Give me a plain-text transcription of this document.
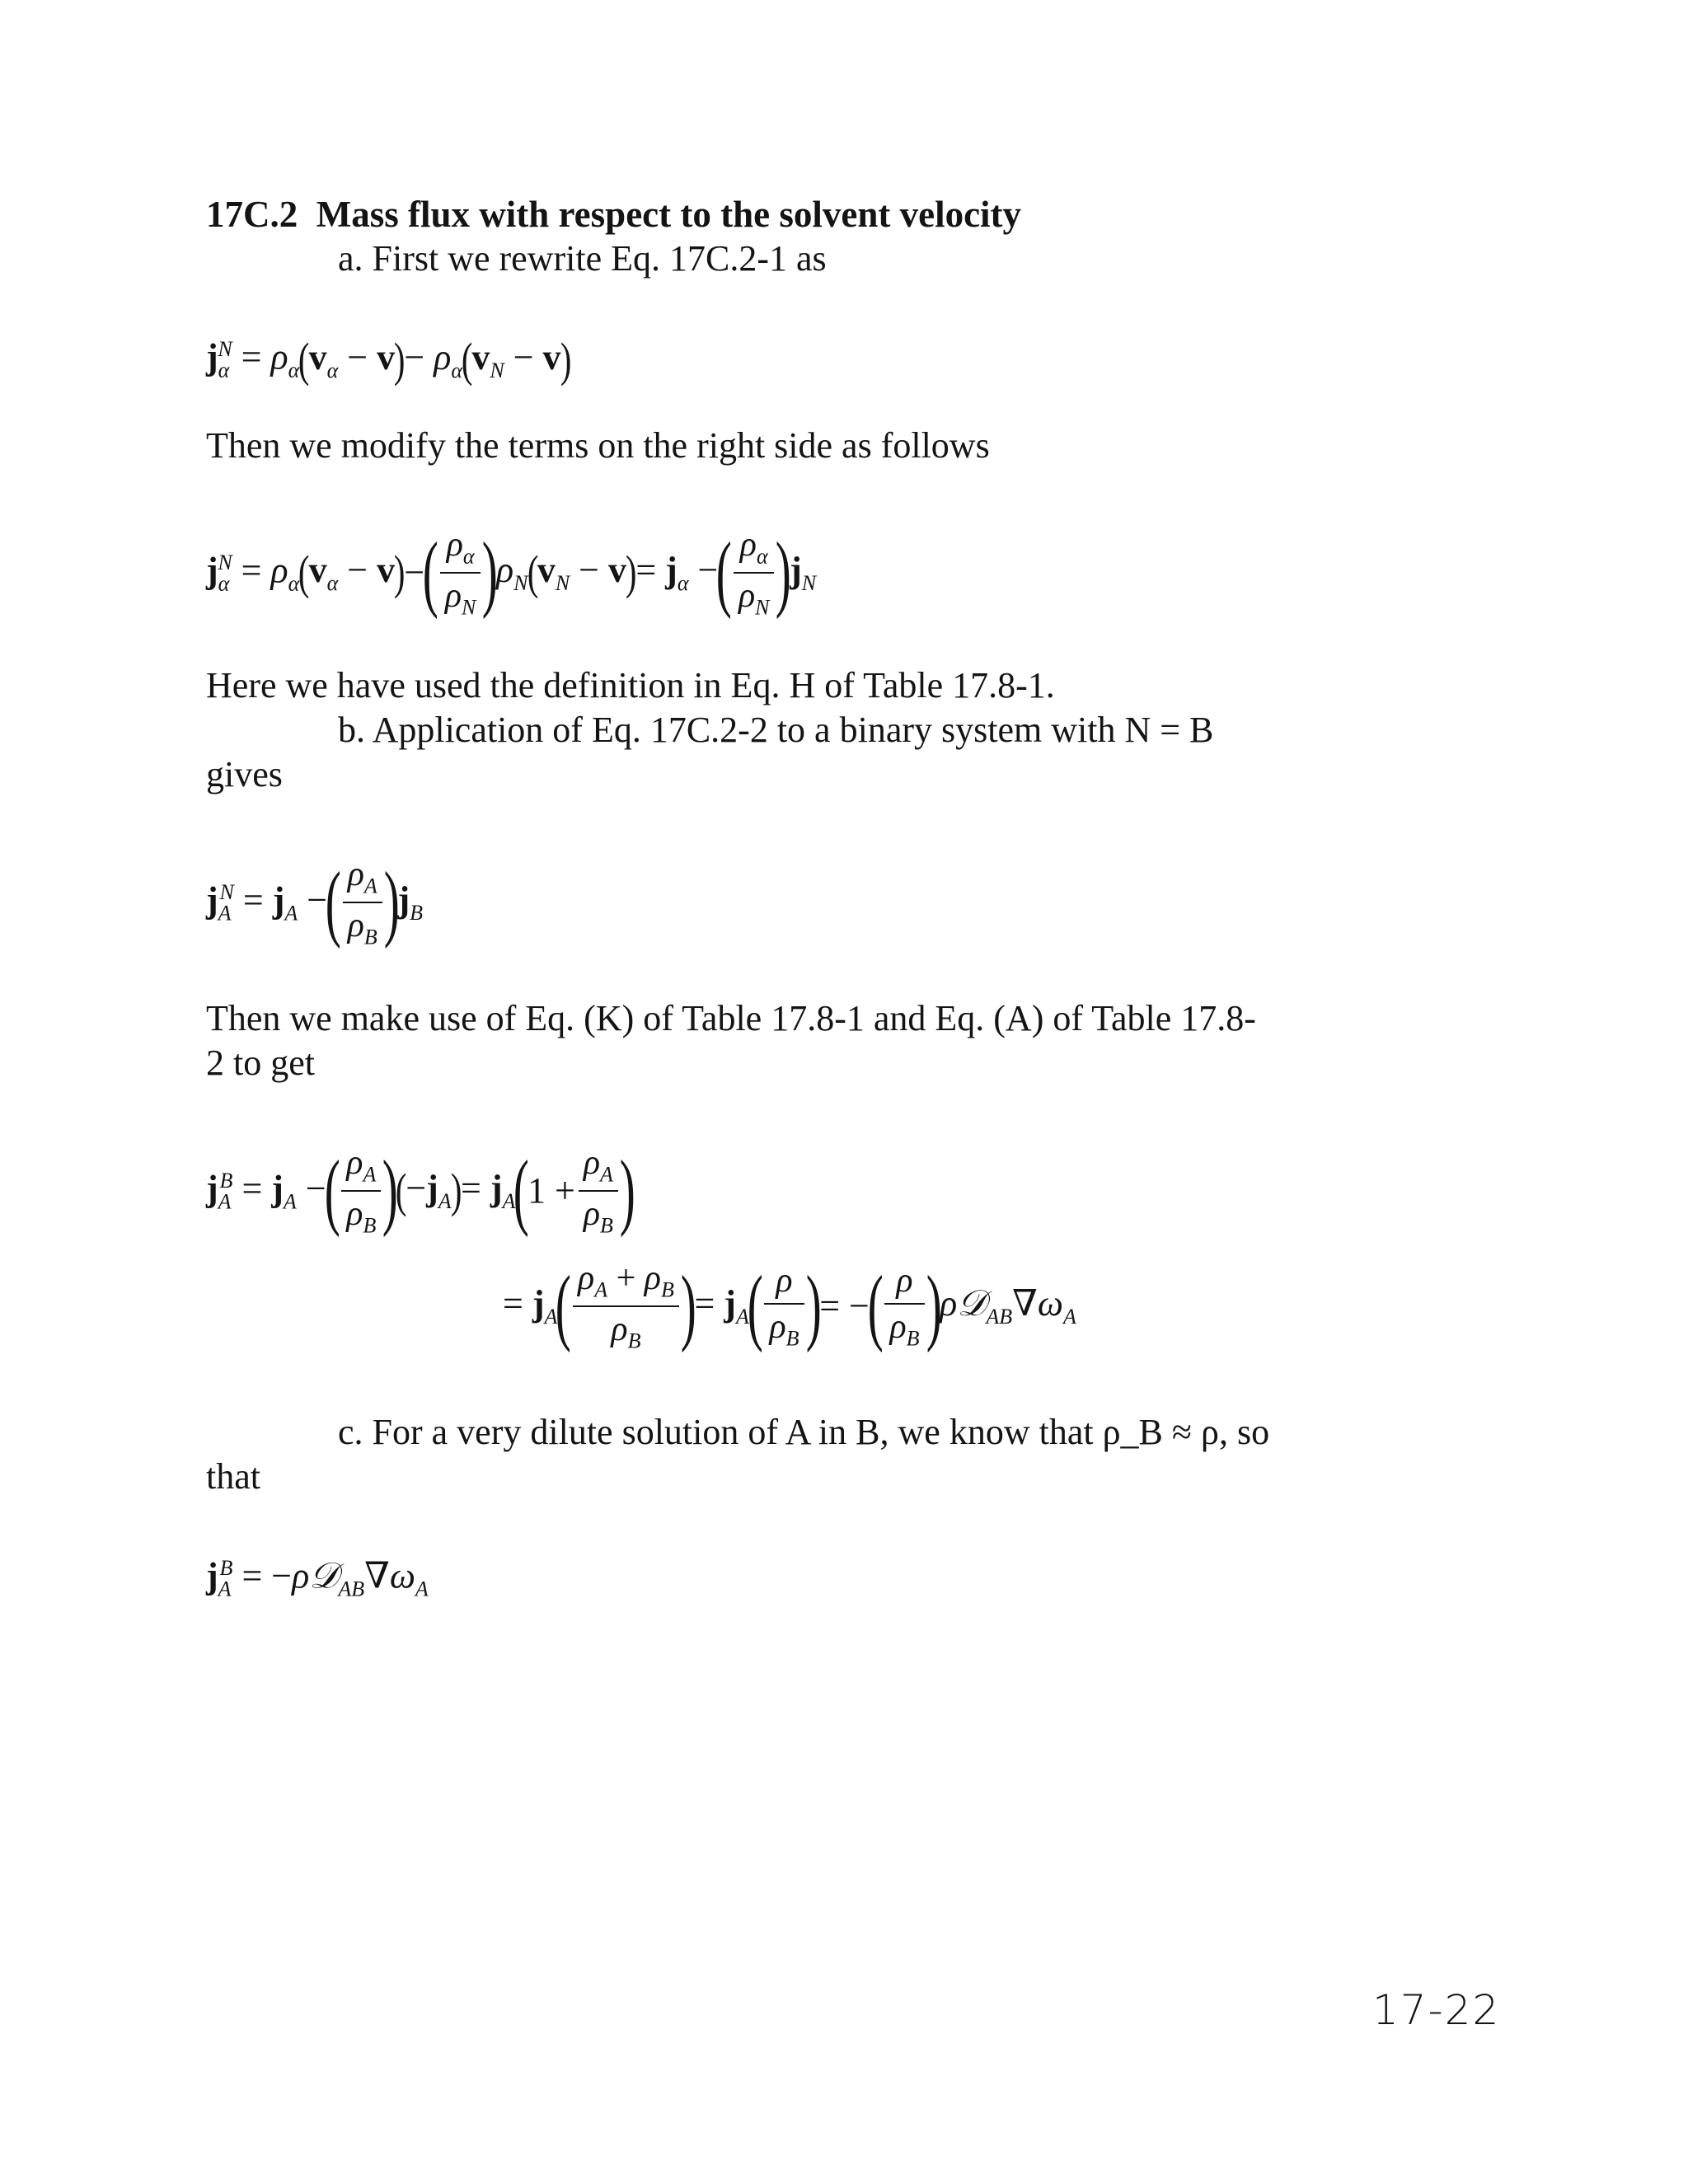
17C.2 Mass flux with respect to the solvent velocity
a. First we rewrite Eq. 17C.2-1 as
$j_\alpha^N = \rho_\alpha(v_\alpha - v)- \rho_\alpha(v_N - v)$
Then we modify the terms on the right side as follows
$j_\alpha^N = \rho_\alpha(v_\alpha - v)-( \frac{\rho_\alpha}{\rho_N} )\rho_N(v_N - v)= j_\alpha$ −( $\frac{\rho_\alpha}{\rho_N} )j_N$
Here we have used the definition in Eq. H of Table 17.8-1.
b. Application of Eq. 17C.2-2 to a binary system with N = B
gives
$j_A^N = j_A$ −( $\frac{\rho_A}{\rho_B} )j_B$
Then we make use of Eq. (K) of Table 17.8-1 and Eq. (A) of Table 17.8-
2 to get
$j_A^B = j_A$ −( $\frac{\rho_A}{\rho_B} )(-j_A)= j_A(1 + \frac{\rho_A}{\rho_B}$ )
= $j_A( \frac{\rho_A + \rho_B}{\rho_B}$ )= $j_A( \frac{\rho}{\rho_B}$ )= −( $\frac{\rho}{\rho_B}$ )$\rho 𝒟_{AB}\nabla\omega_A$
c. For a very dilute solution of A in B, we know that ρ_B ≈ ρ, so
that
$j_A^B$ = $-\rho 𝒟_{AB}\nabla\omega_A$
17-22
